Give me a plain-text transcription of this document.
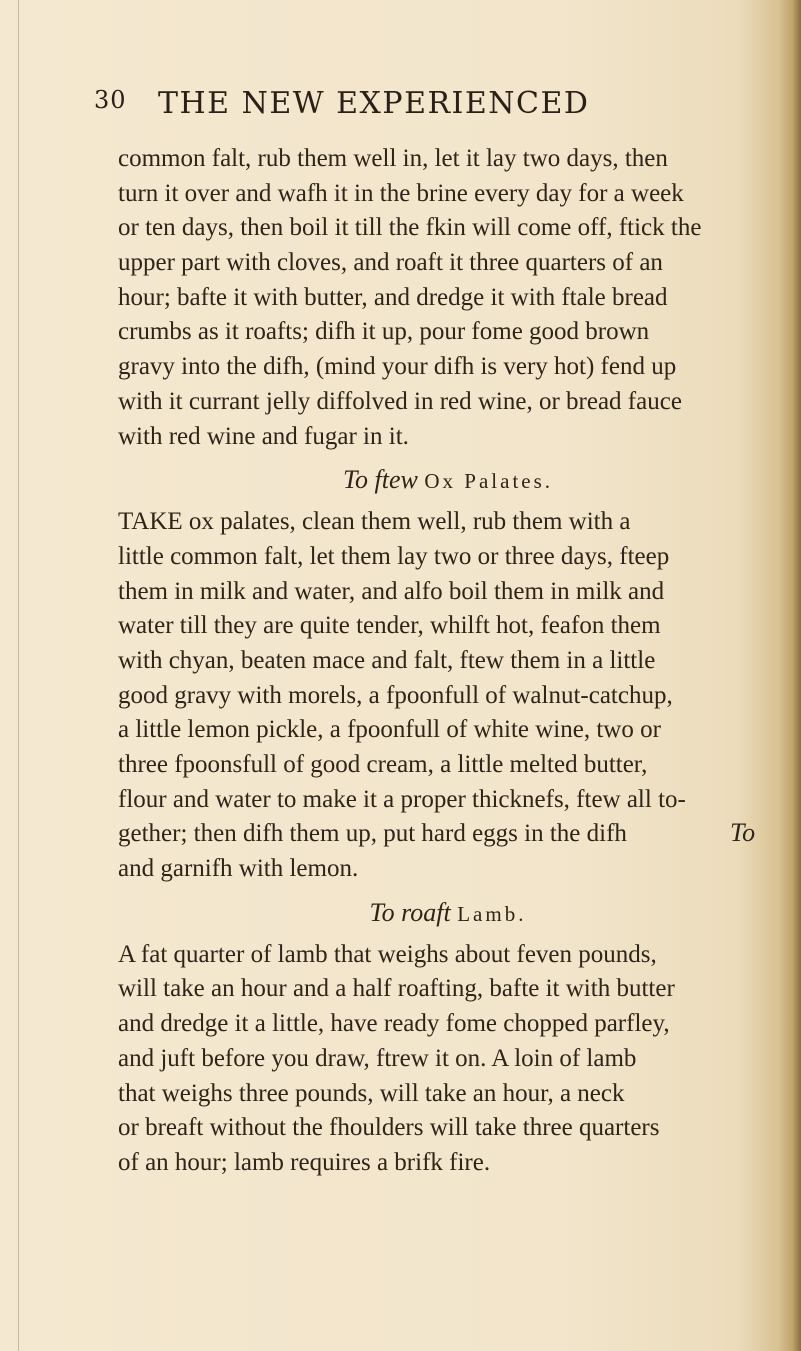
30 THE NEW EXPERIENCED
common falt, rub them well in, let it lay two days, then
turn it over and wafh it in the brine every day for a week
or ten days, then boil it till the fkin will come off, ftick the
upper part with cloves, and roaft it three quarters of an
hour; bafte it with butter, and dredge it with ftale bread
crumbs as it roafts; difh it up, pour fome good brown
gravy into the difh, (mind your difh is very hot) fend up
with it currant jelly diffolved in red wine, or bread fauce
with red wine and fugar in it.
To ftew Ox Palates.
TAKE ox palates, clean them well, rub them with a
little common falt, let them lay two or three days, fteep
them in milk and water, and alfo boil them in milk and
water till they are quite tender, whilft hot, feafon them
with chyan, beaten mace and falt, ftew them in a little
good gravy with morels, a fpoonfull of walnut-catchup,
a little lemon pickle, a fpoonfull of white wine, two or
three fpoonsfull of good cream, a little melted butter,
flour and water to make it a proper thicknefs, ftew all to-
gether; then difh them up, put hard eggs in the difh
and garnifh with lemon.
To roaft Lamb.
A fat quarter of lamb that weighs about feven pounds,
will take an hour and a half roafting, bafte it with butter
and dredge it a little, have ready fome chopped parfley,
and juft before you draw, ftrew it on. A loin of lamb
that weighs three pounds, will take an hour, a neck
or breaft without the fhoulders will take three quarters
of an hour; lamb requires a brifk fire.
To
